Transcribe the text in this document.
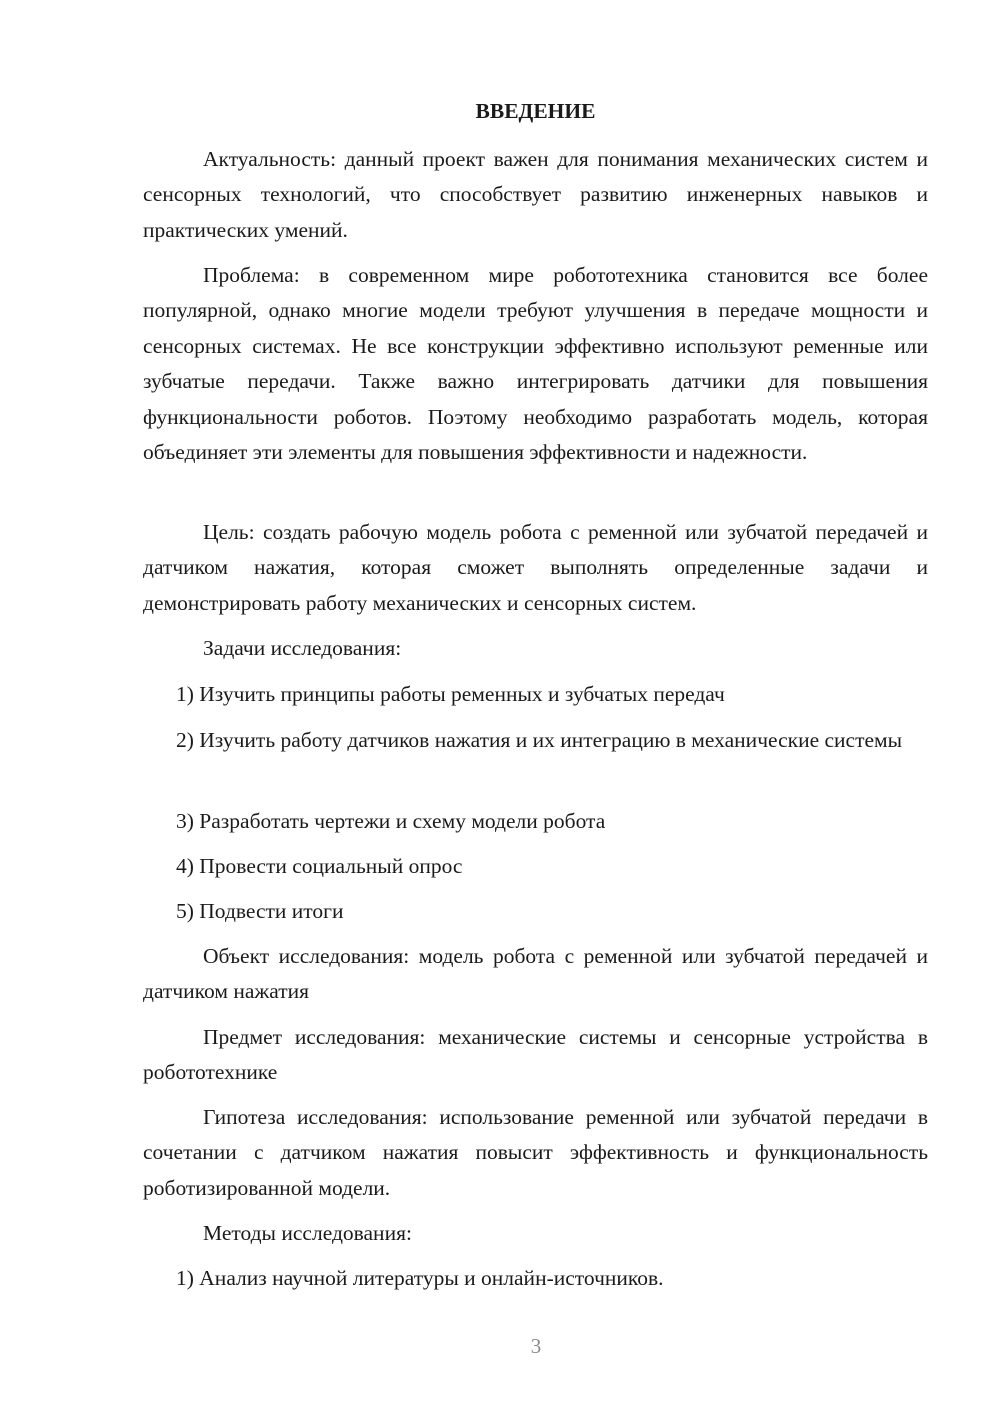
ВВЕДЕНИЕ

Актуальность: данный проект важен для понимания механических систем и сенсорных технологий, что способствует развитию инженерных навыков и практических умений.

Проблема: в современном мире робототехника становится все более популярной, однако многие модели требуют улучшения в передаче мощности и сенсорных системах. Не все конструкции эффективно используют ременные или зубчатые передачи. Также важно интегрировать датчики для повышения функциональности роботов. Поэтому необходимо разработать модель, которая объединяет эти элементы для повышения эффективности и надежности.

Цель: создать рабочую модель робота с ременной или зубчатой передачей и датчиком нажатия, которая сможет выполнять определенные задачи и демонстрировать работу механических и сенсорных систем.

Задачи исследования:

1) Изучить принципы работы ременных и зубчатых передач

2) Изучить работу датчиков нажатия и их интеграцию в механические системы

3) Разработать чертежи и схему модели робота

4) Провести социальный опрос

5) Подвести итоги

Объект исследования: модель робота с ременной или зубчатой передачей и датчиком нажатия

Предмет исследования: механические системы и сенсорные устройства в робототехнике

Гипотеза исследования: использование ременной или зубчатой передачи в сочетании с датчиком нажатия повысит эффективность и функциональность роботизированной модели.

Методы исследования:

1) Анализ научной литературы и онлайн-источников.

3
